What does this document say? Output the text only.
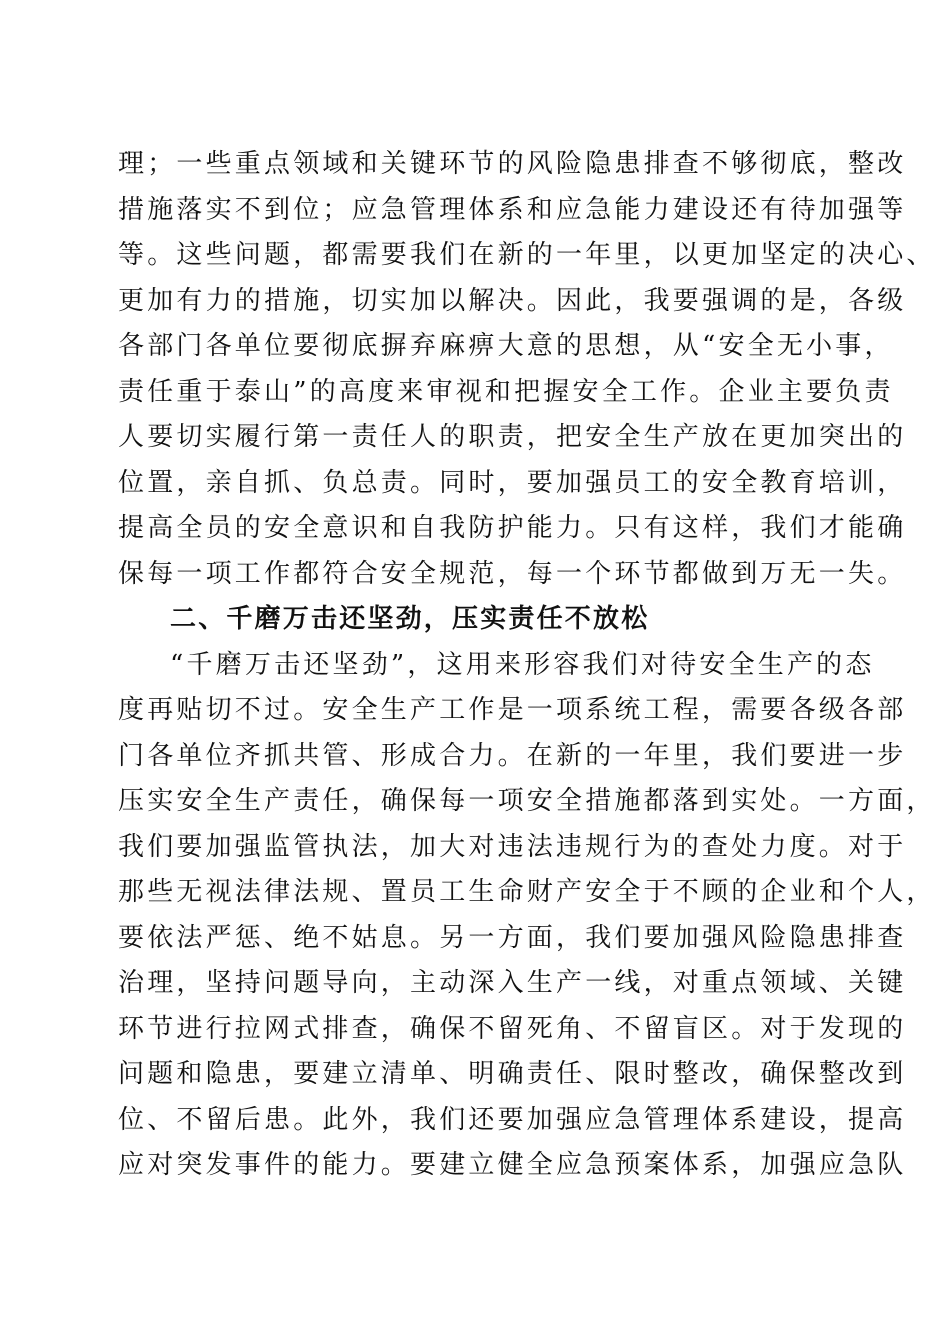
理；一些重点领域和关键环节的风险隐患排查不够彻底，整改
措施落实不到位；应急管理体系和应急能力建设还有待加强等
等。这些问题，都需要我们在新的一年里，以更加坚定的决心、
更加有力的措施，切实加以解决。因此，我要强调的是，各级
各部门各单位要彻底摒弃麻痹大意的思想，从“安全无小事，
责任重于泰山”的高度来审视和把握安全工作。企业主要负责
人要切实履行第一责任人的职责，把安全生产放在更加突出的
位置，亲自抓、负总责。同时，要加强员工的安全教育培训，
提高全员的安全意识和自我防护能力。只有这样，我们才能确
保每一项工作都符合安全规范，每一个环节都做到万无一失。
二、千磨万击还坚劲，压实责任不放松
“千磨万击还坚劲”，这用来形容我们对待安全生产的态
度再贴切不过。安全生产工作是一项系统工程，需要各级各部
门各单位齐抓共管、形成合力。在新的一年里，我们要进一步
压实安全生产责任，确保每一项安全措施都落到实处。一方面，
我们要加强监管执法，加大对违法违规行为的查处力度。对于
那些无视法律法规、置员工生命财产安全于不顾的企业和个人，
要依法严惩、绝不姑息。另一方面，我们要加强风险隐患排查
治理，坚持问题导向，主动深入生产一线，对重点领域、关键
环节进行拉网式排查，确保不留死角、不留盲区。对于发现的
问题和隐患，要建立清单、明确责任、限时整改，确保整改到
位、不留后患。此外，我们还要加强应急管理体系建设，提高
应对突发事件的能力。要建立健全应急预案体系，加强应急队
